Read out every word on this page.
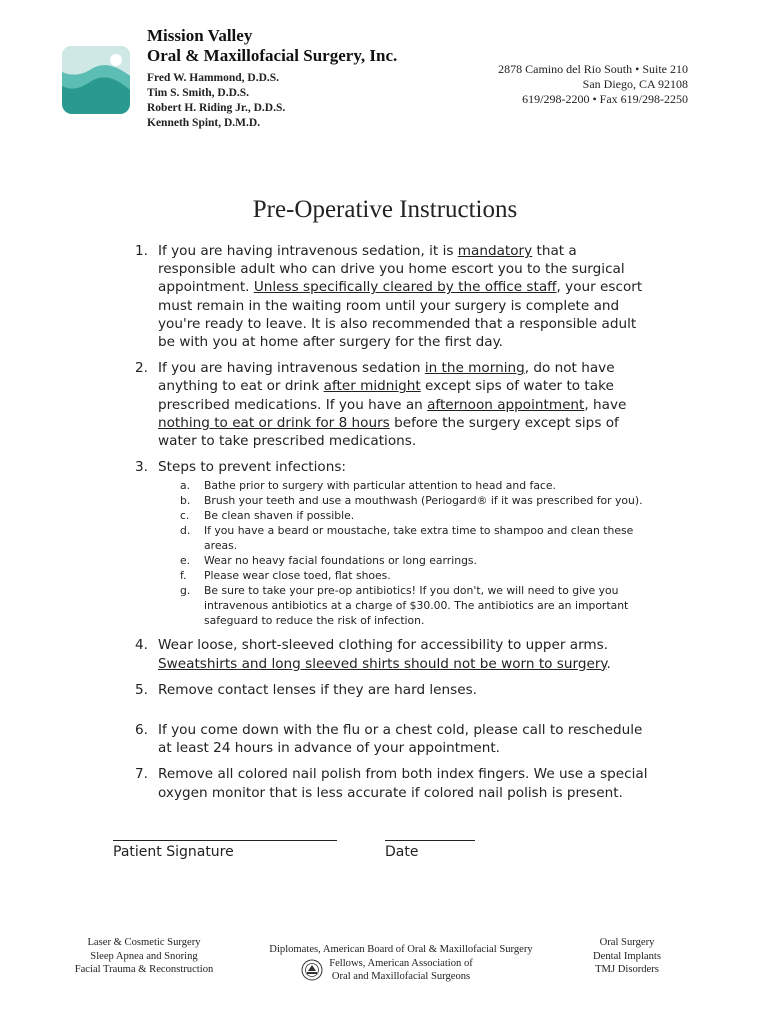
Mission Valley
Oral & Maxillofacial Surgery, Inc.
Fred W. Hammond, D.D.S.
Tim S. Smith, D.D.S.
Robert H. Riding Jr., D.D.S.
Kenneth Spint, D.M.D.
2878 Camino del Rio South • Suite 210
San Diego, CA 92108
619/298-2200 • Fax 619/298-2250
Pre-Operative Instructions
1. If you are having intravenous sedation, it is mandatory that a responsible adult who can drive you home escort you to the surgical appointment. Unless specifically cleared by the office staff, your escort must remain in the waiting room until your surgery is complete and you're ready to leave. It is also recommended that a responsible adult be with you at home after surgery for the first day.
2. If you are having intravenous sedation in the morning, do not have anything to eat or drink after midnight except sips of water to take prescribed medications. If you have an afternoon appointment, have nothing to eat or drink for 8 hours before the surgery except sips of water to take prescribed medications.
3. Steps to prevent infections:
a. Bathe prior to surgery with particular attention to head and face.
b. Brush your teeth and use a mouthwash (Periogard® if it was prescribed for you).
c. Be clean shaven if possible.
d. If you have a beard or moustache, take extra time to shampoo and clean these areas.
e. Wear no heavy facial foundations or long earrings.
f. Please wear close toed, flat shoes.
g. Be sure to take your pre-op antibiotics! If you don't, we will need to give you intravenous antibiotics at a charge of $30.00. The antibiotics are an important safeguard to reduce the risk of infection.
4. Wear loose, short-sleeved clothing for accessibility to upper arms. Sweatshirts and long sleeved shirts should not be worn to surgery.
5. Remove contact lenses if they are hard lenses.
6. If you come down with the flu or a chest cold, please call to reschedule at least 24 hours in advance of your appointment.
7. Remove all colored nail polish from both index fingers. We use a special oxygen monitor that is less accurate if colored nail polish is present.
Patient Signature	Date
Laser & Cosmetic Surgery
Sleep Apnea and Snoring
Facial Trauma & Reconstruction
Diplomates, American Board of Oral & Maxillofacial Surgery
Fellows, American Association of
Oral and Maxillofacial Surgeons
Oral Surgery
Dental Implants
TMJ Disorders
